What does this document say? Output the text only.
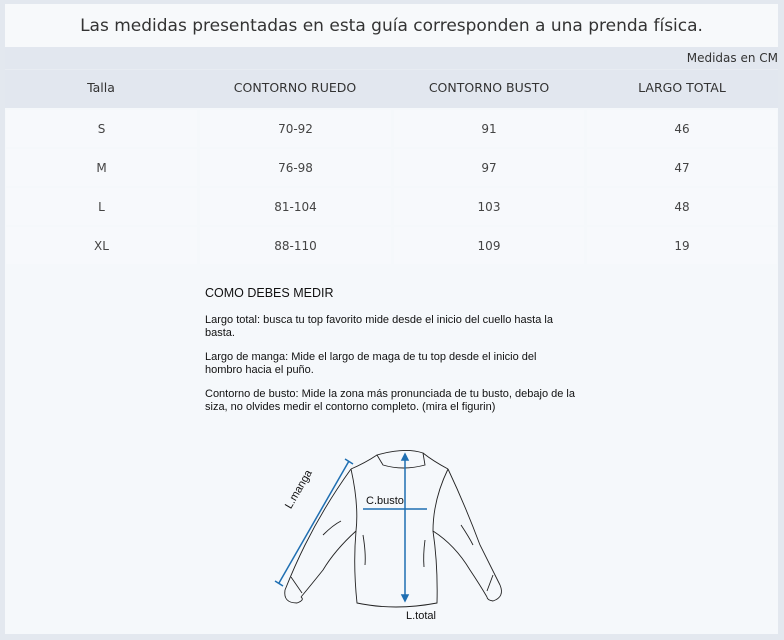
Las medidas presentadas en esta guía corresponden a una prenda física.
Medidas en CM
Talla	CONTORNO RUEDO	CONTORNO BUSTO	LARGO TOTAL
S	70-92	91	46
M	76-98	97	47
L	81-104	103	48
XL	88-110	109	19
COMO DEBES MEDIR

Largo total: busca tu top favorito mide desde el inicio del cuello hasta la basta.

Largo de manga: Mide el largo de maga de tu top desde el inicio del hombro hacia el puño.

Contorno de busto: Mide la zona más pronunciada de tu busto, debajo de la siza, no olvides medir el contorno completo. (mira el figurin)

L.manga	C.busto
L.total
